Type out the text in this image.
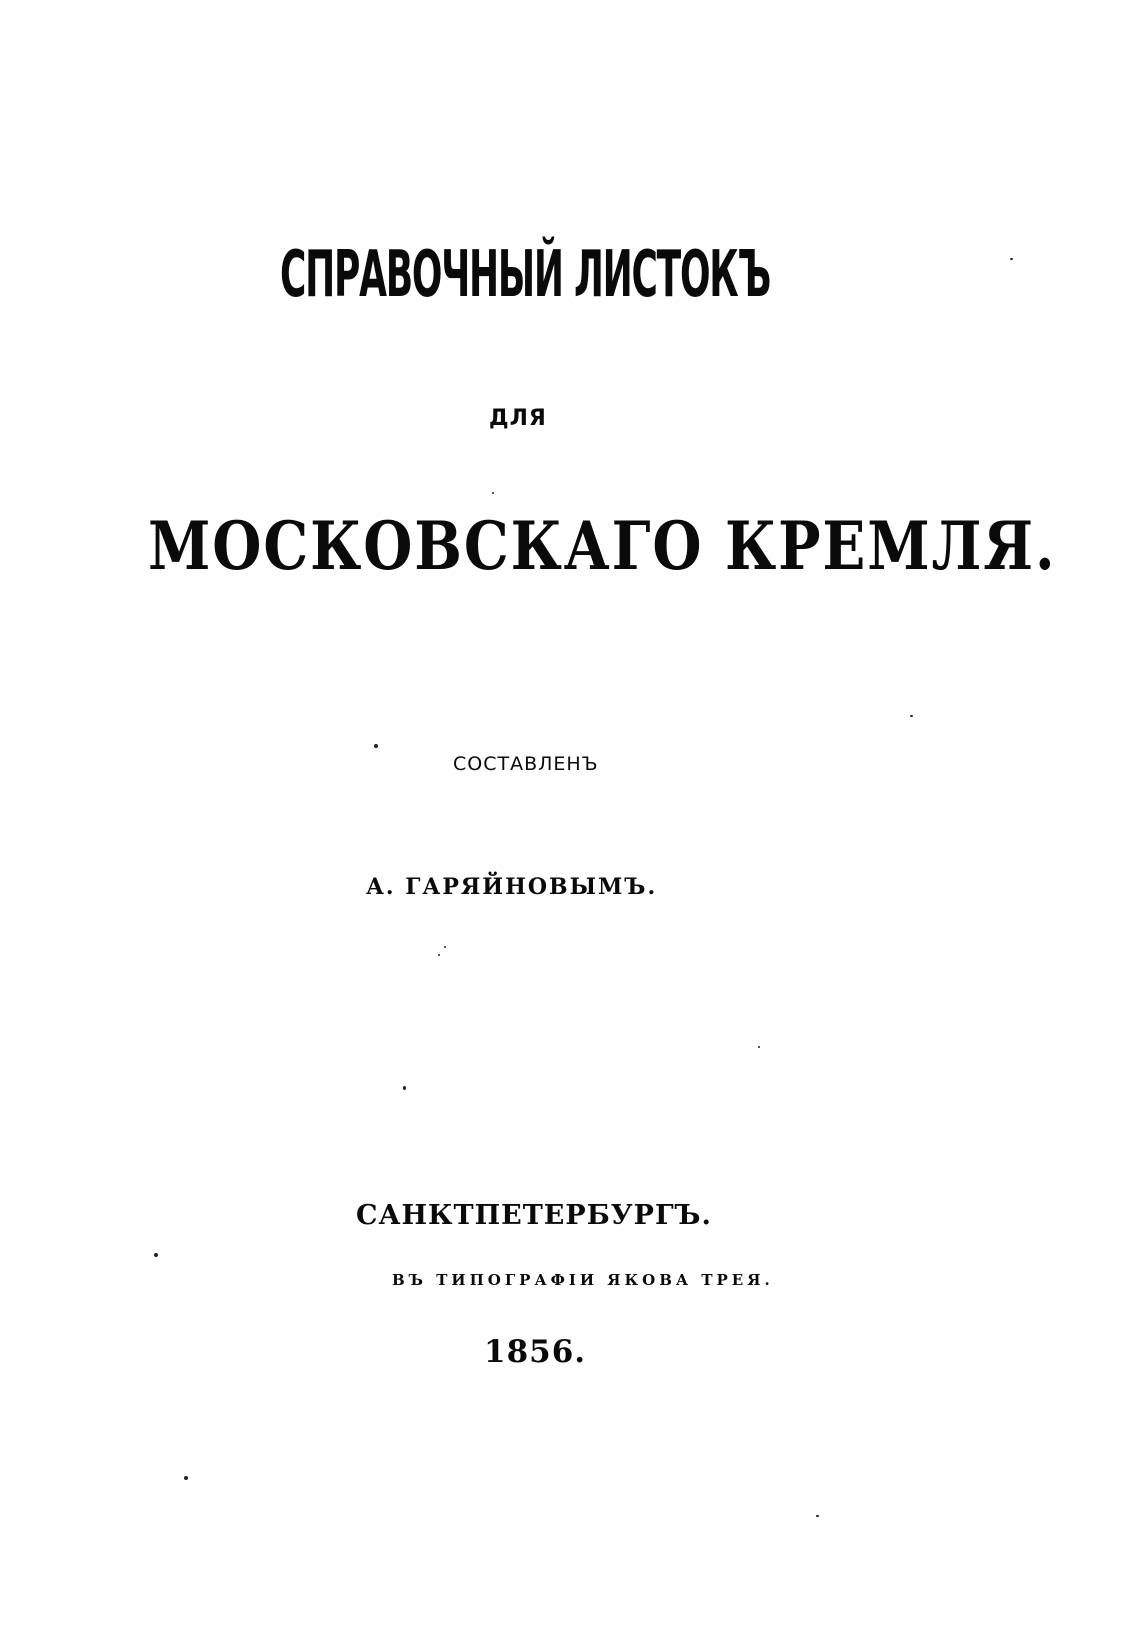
СПРАВОЧНЫЙ ЛИСТОКЪ
ДЛЯ
МОСКОВСКАГО КРЕМЛЯ.
СОСТАВЛЕНЪ
А. ГАРЯЙНОВЫМЪ.
САНКТПЕТЕРБУРГЪ.
ВЪ ТИПОГРАФІИ ЯКОВА ТРЕЯ.
1856.
